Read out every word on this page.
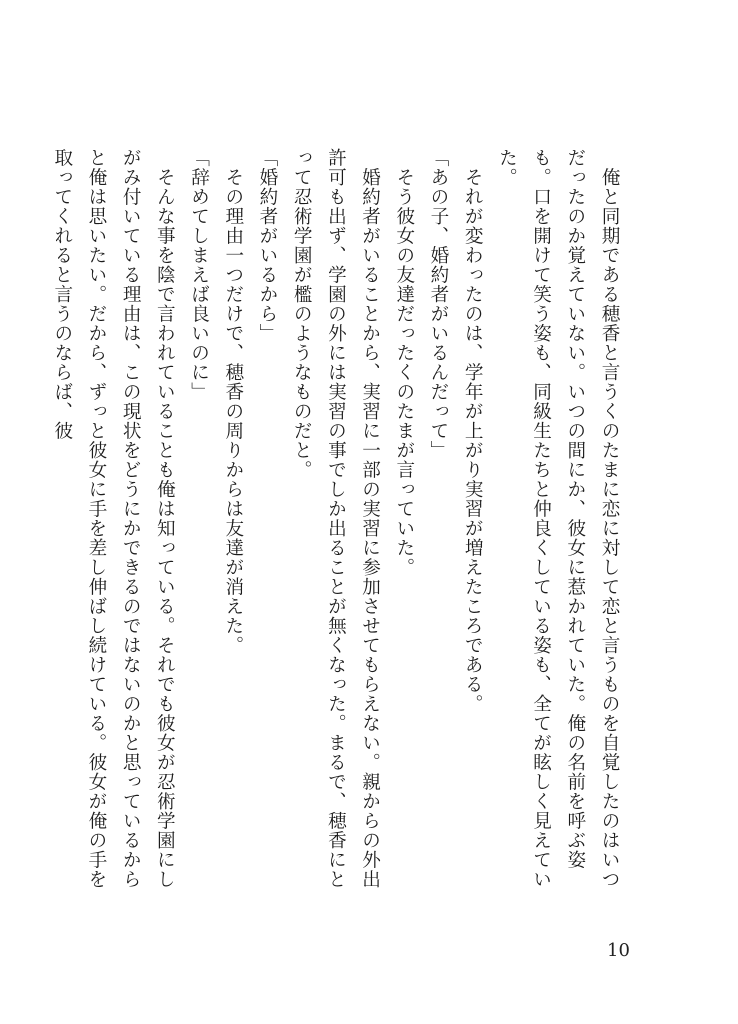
　俺と同期である穂香と言うくのたまに恋に対して恋と言うものを自覚したのはいつだったのか覚えていない。いつの間にか、彼女に惹かれていた。俺の名前を呼ぶ姿も。口を開けて笑う姿も、同級生たちと仲良くしている姿も、全てが眩しく見えていた。

　それが変わったのは、学年が上がり実習が増えたころである。

「あの子、婚約者がいるんだって」

　そう彼女の友達だったくのたまが言っていた。

　婚約者がいることから、実習に一部の実習に参加させてもらえない。親からの外出許可も出ず、学園の外には実習の事でしか出ることが無くなった。まるで、穂香にとって忍術学園が檻のようなものだと。

「婚約者がいるから」

　その理由一つだけで、穂香の周りからは友達が消えた。

「辞めてしまえば良いのに」

　そんな事を陰で言われていることも俺は知っている。それでも彼女が忍術学園にしがみ付いている理由は、この現状をどうにかできるのではないのかと思っているからと俺は思いたい。だから、ずっと彼女に手を差し伸ばし続けている。彼女が俺の手を取ってくれると言うのならば、彼

10
